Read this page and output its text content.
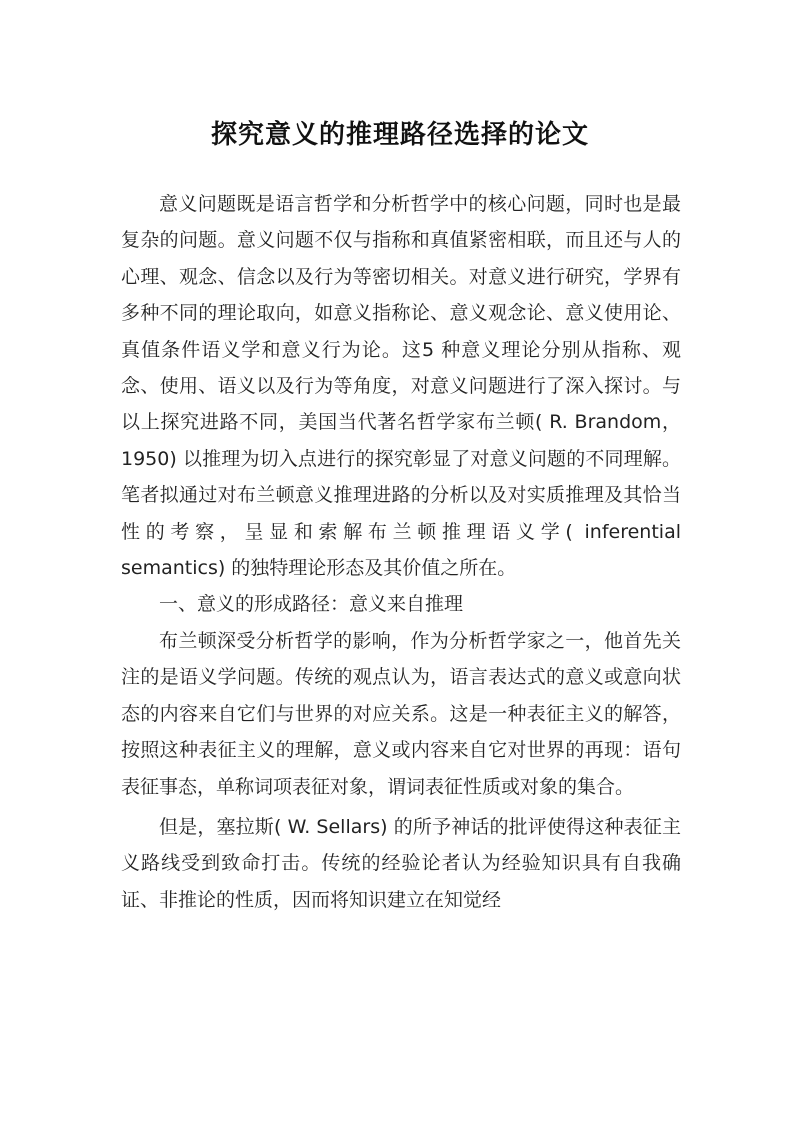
探究意义的推理路径选择的论文

意义问题既是语言哲学和分析哲学中的核心问题，同时也是最复杂的问题。意义问题不仅与指称和真值紧密相联，而且还与人的心理、观念、信念以及行为等密切相关。对意义进行研究，学界有多种不同的理论取向，如意义指称论、意义观念论、意义使用论、真值条件语义学和意义行为论。这5 种意义理论分别从指称、观念、使用、语义以及行为等角度，对意义问题进行了深入探讨。与以上探究进路不同，美国当代著名哲学家布兰顿( R. Brandom，1950) 以推理为切入点进行的探究彰显了对意义问题的不同理解。笔者拟通过对布兰顿意义推理进路的分析以及对实质推理及其恰当性的考察，呈显和索解布兰顿推理语义学( inferential semantics) 的独特理论形态及其价值之所在。

一、意义的形成路径：意义来自推理

布兰顿深受分析哲学的影响，作为分析哲学家之一，他首先关注的是语义学问题。传统的观点认为，语言表达式的意义或意向状态的内容来自它们与世界的对应关系。这是一种表征主义的解答，按照这种表征主义的理解，意义或内容来自它对世界的再现：语句表征事态，单称词项表征对象，谓词表征性质或对象的集合。

但是，塞拉斯( W. Sellars) 的所予神话的批评使得这种表征主义路线受到致命打击。传统的经验论者认为经验知识具有自我确证、非推论的性质，因而将知识建立在知觉经
